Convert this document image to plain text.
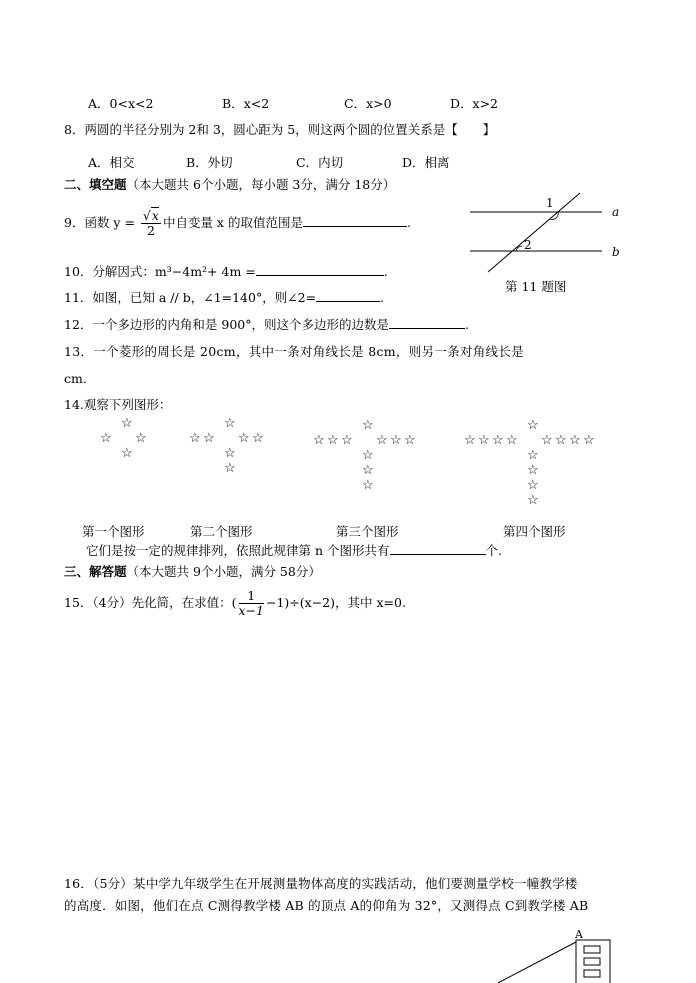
A．0<x<2	B．x<2	C．x>0	D．x>2
8．两圆的半径分别为 2和 3，圆心距为 5，则这两个圆的位置关系是【　　】
A．相交	B．外切	C．内切	D．相离
二、填空题（本大题共 6个小题，每小题 3分，满分 18分）
9．函数 $y = \frac{√x}{2}$ 中自变量 x 的取值范围是	.
1
2
a
b
第 11 题图
10．分解因式：m³−4m²+ 4m =	.
11．如图，已知 a // b，∠1=140°，则∠2=	.
12．一个多边形的内角和是 900°，则这个多边形的边数是	.
13．一个菱形的周长是 20cm，其中一条对角线长是 8cm，则另一条对角线长是
cm.
14.观察下列图形：
☆
☆ ☆
☆
☆
☆
☆	☆ ☆
☆
☆
☆
☆
☆
☆	☆ ☆ ☆
☆
☆
☆
☆
☆
☆
☆
☆	☆ ☆ ☆ ☆
☆
☆
☆
☆
第一个图形	第二个图形	第三个图形	第四个图形
它们是按一定的规律排列，依照此规律第 n 个图形共有	个.
三、解答题（本大题共 9个小题，满分 58分）
15．（4分）先化简，在求值：( $\frac{1}{x-1} -1)\div(x-2)$，其中 x=0.
16．（5分）某中学九年级学生在开展测量物体高度的实践活动，他们要测量学校一幢教学楼
的高度．如图，他们在点 C测得教学楼 AB 的顶点 A的仰角为 32°，又测得点 C到教学楼 AB
A
